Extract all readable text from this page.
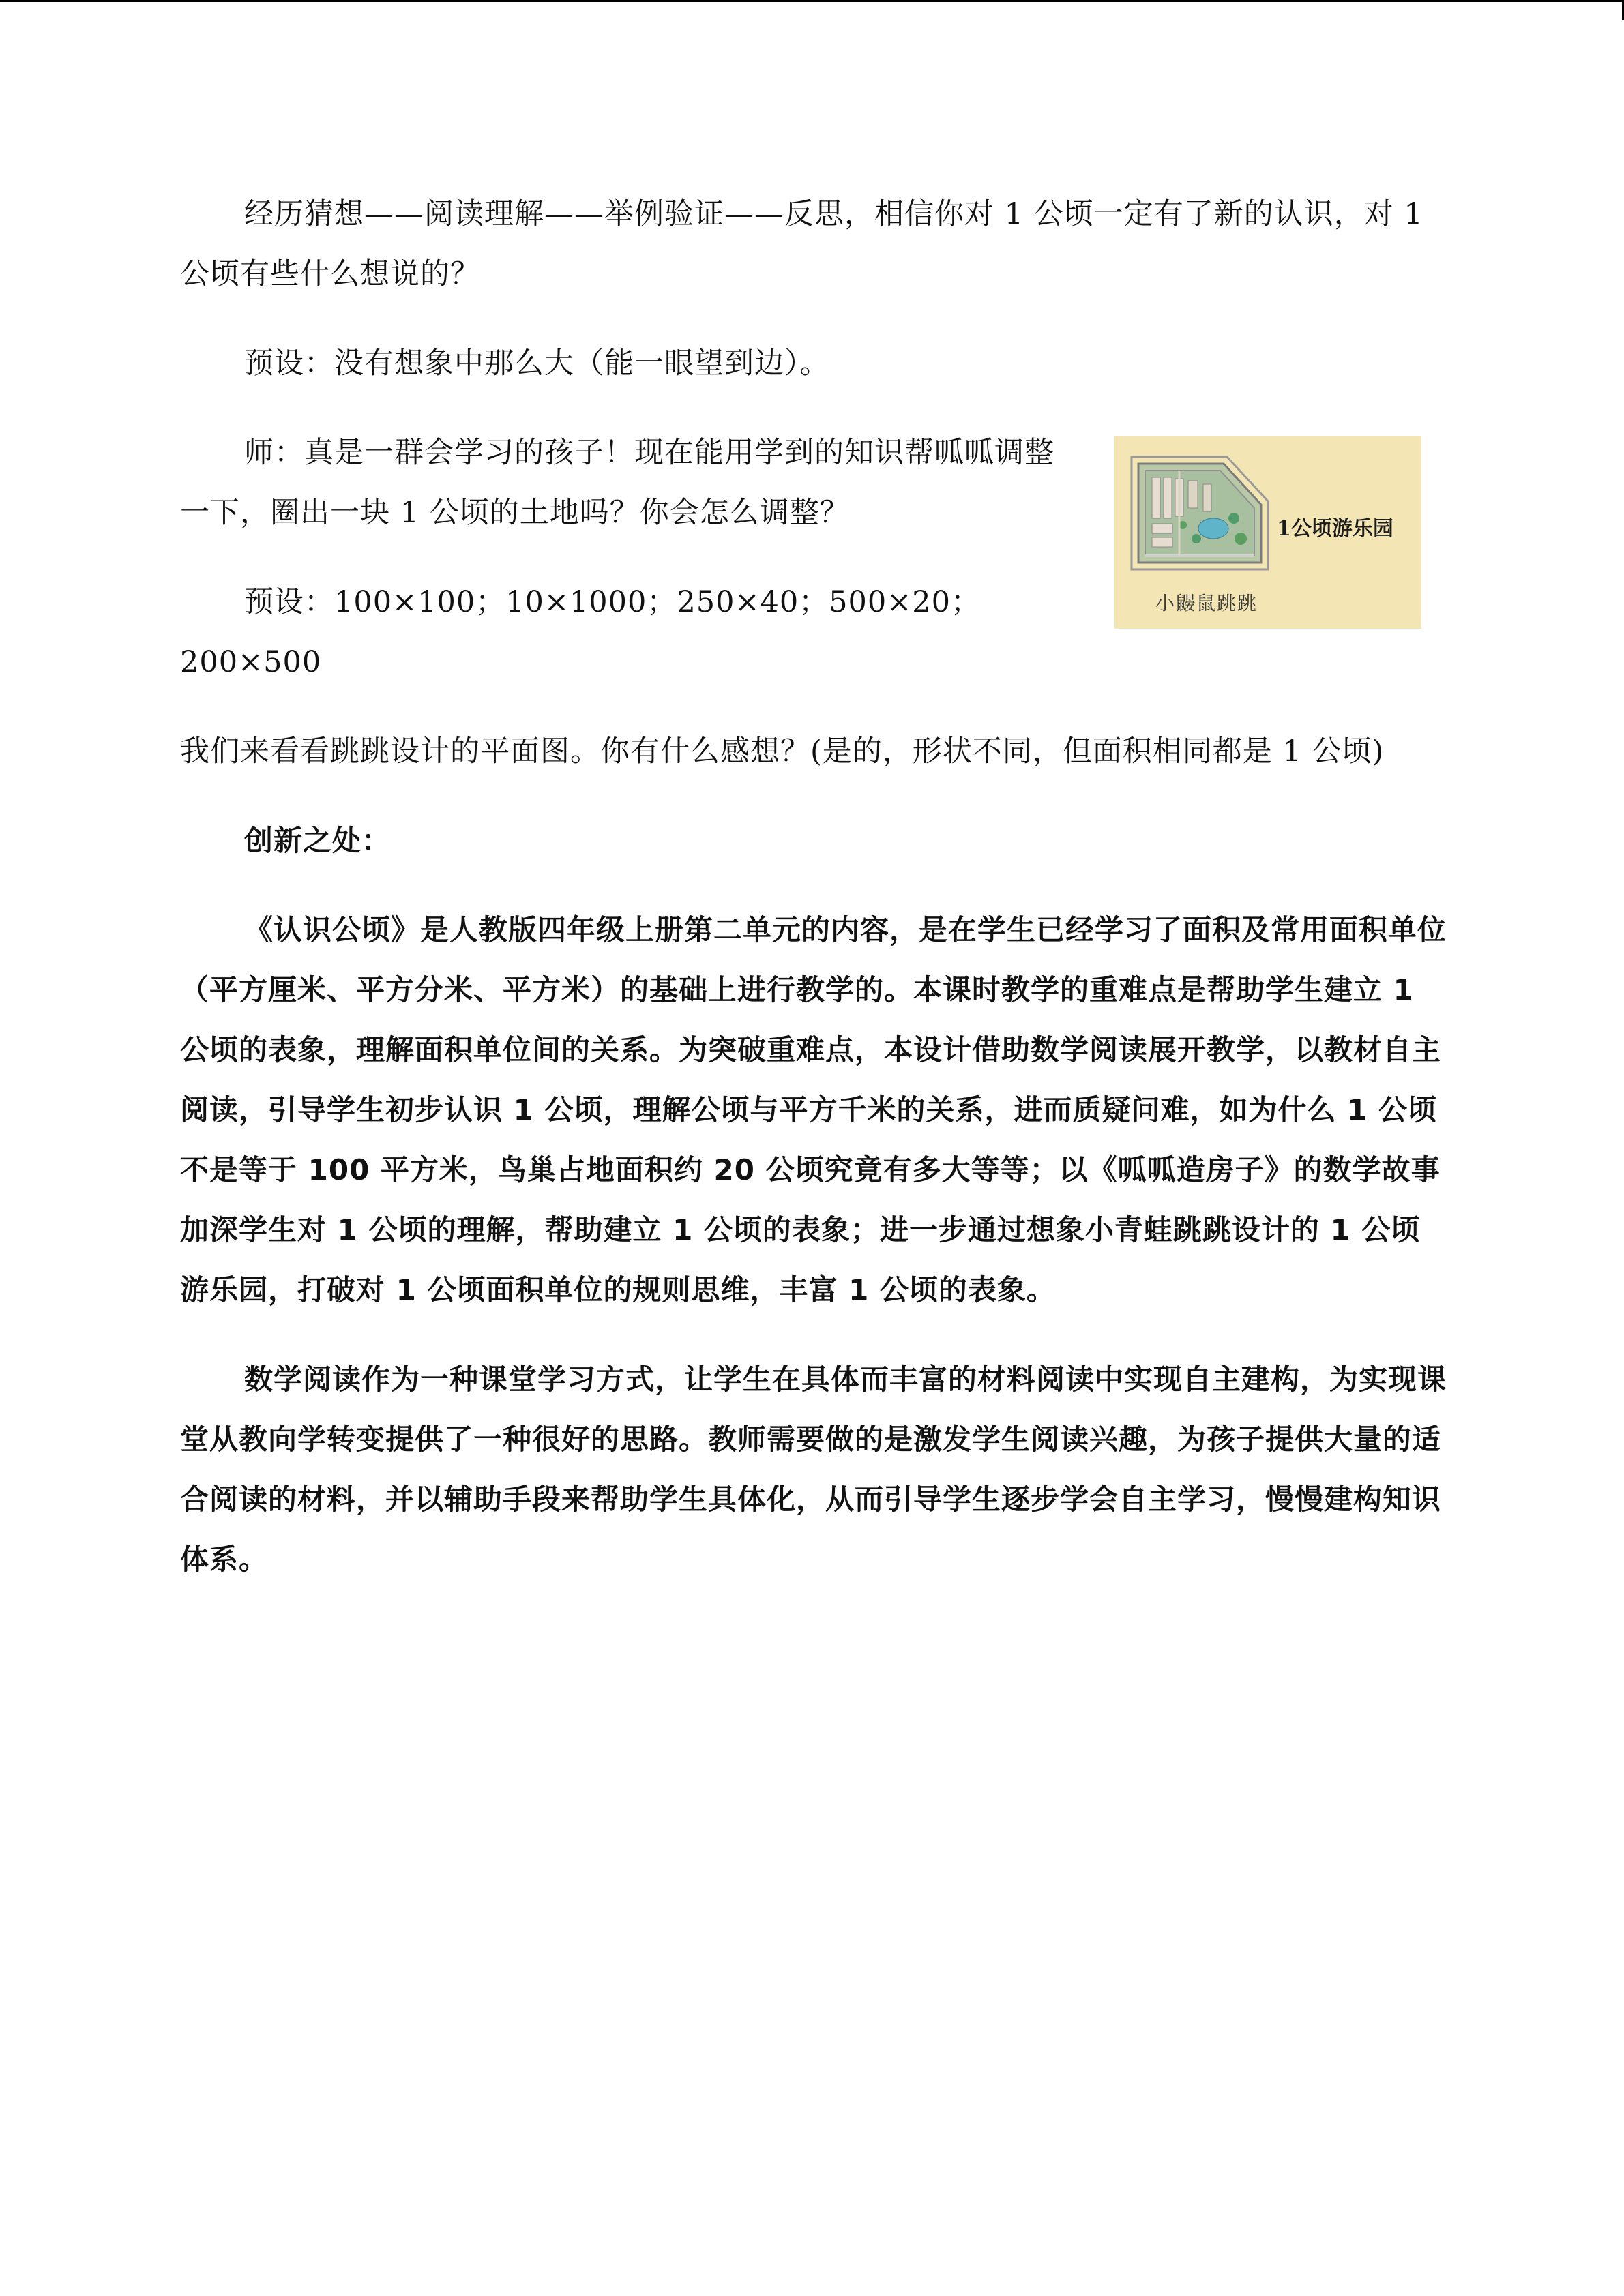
经历猜想——阅读理解——举例验证——反思，相信你对 1 公顷一定有了新的认识，对 1 公顷有些什么想说的？

预设：没有想象中那么大（能一眼望到边）。

1公顷游乐园
小鼹鼠跳跳

师：真是一群会学习的孩子！现在能用学到的知识帮呱呱调整一下，圈出一块 1 公顷的土地吗？你会怎么调整？

预设：100×100；10×1000；250×40；500×20；200×500

我们来看看跳跳设计的平面图。你有什么感想？(是的，形状不同，但面积相同都是 1 公顷)

创新之处：

《认识公顷》是人教版四年级上册第二单元的内容，是在学生已经学习了面积及常用面积单位（平方厘米、平方分米、平方米）的基础上进行教学的。本课时教学的重难点是帮助学生建立 1 公顷的表象，理解面积单位间的关系。为突破重难点，本设计借助数学阅读展开教学，以教材自主阅读，引导学生初步认识 1 公顷，理解公顷与平方千米的关系，进而质疑问难，如为什么 1 公顷不是等于 100 平方米，鸟巢占地面积约 20 公顷究竟有多大等等；以《呱呱造房子》的数学故事加深学生对 1 公顷的理解，帮助建立 1 公顷的表象；进一步通过想象小青蛙跳跳设计的 1 公顷游乐园，打破对 1 公顷面积单位的规则思维，丰富 1 公顷的表象。

数学阅读作为一种课堂学习方式，让学生在具体而丰富的材料阅读中实现自主建构，为实现课堂从教向学转变提供了一种很好的思路。教师需要做的是激发学生阅读兴趣，为孩子提供大量的适合阅读的材料，并以辅助手段来帮助学生具体化，从而引导学生逐步学会自主学习，慢慢建构知识体系。
